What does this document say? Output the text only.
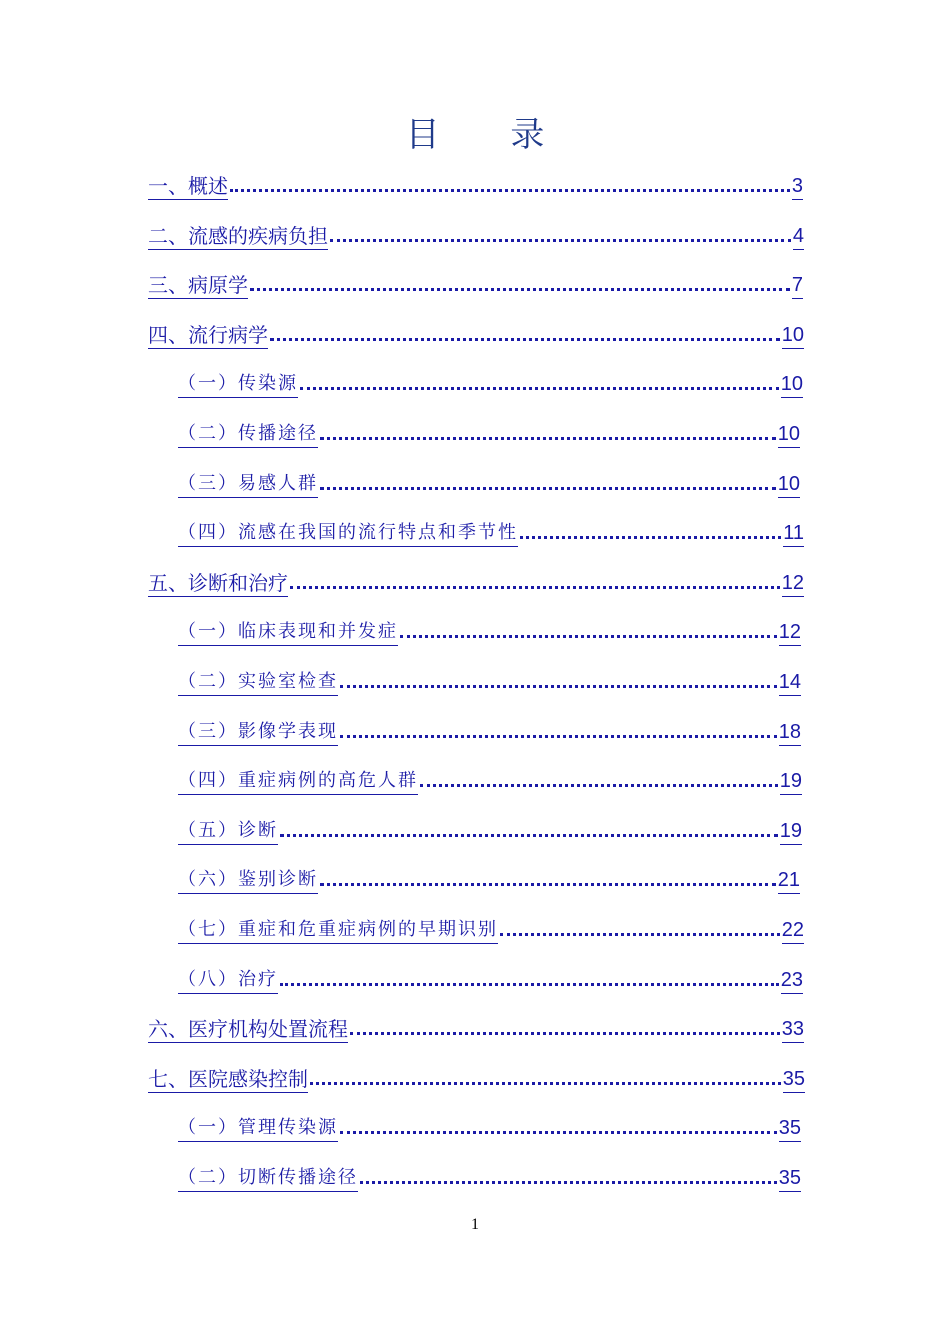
目 录
一、概述	3
二、流感的疾病负担	4
三、病原学	7
四、流行病学	10
（一）传染源	10
（二）传播途径	10
（三）易感人群	10
（四）流感在我国的流行特点和季节性	11
五、诊断和治疗	12
（一）临床表现和并发症	12
（二）实验室检查	14
（三）影像学表现	18
（四）重症病例的高危人群	19
（五）诊断	19
（六）鉴别诊断	21
（七）重症和危重症病例的早期识别	22
（八）治疗	23
六、医疗机构处置流程	33
七、医院感染控制	35
（一）管理传染源	35
（二）切断传播途径	35
1
